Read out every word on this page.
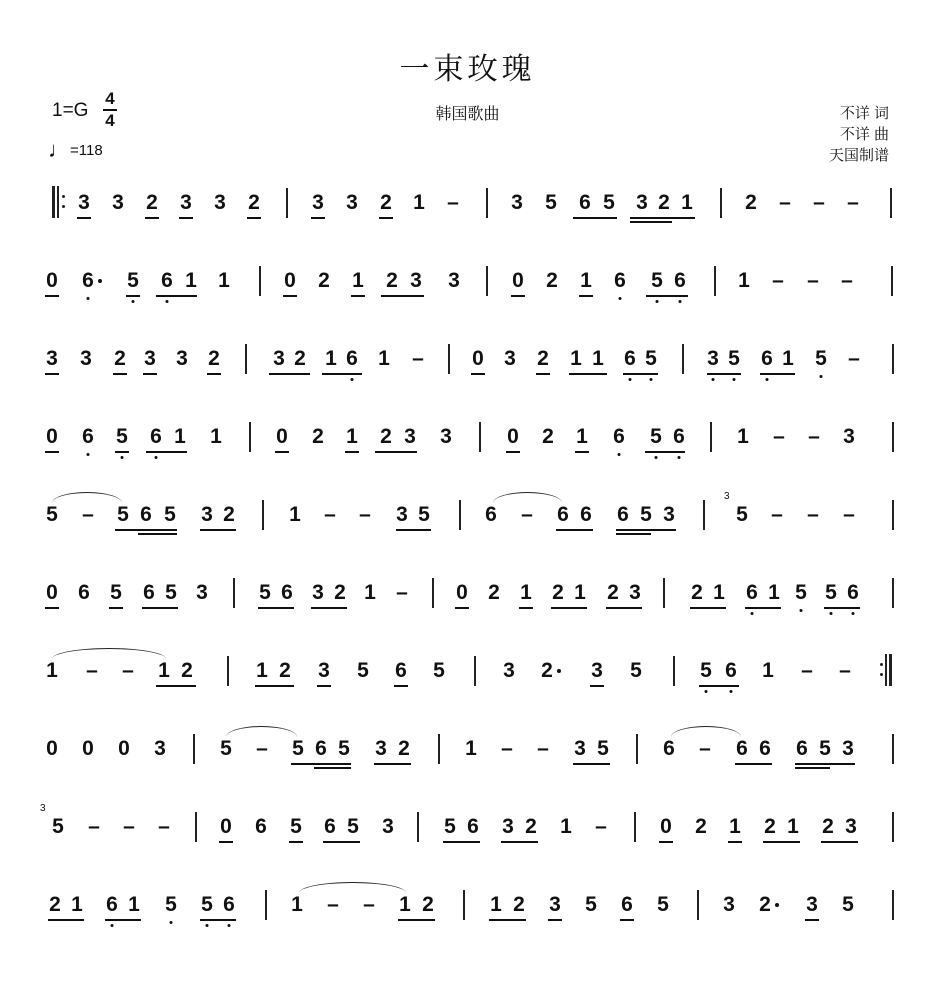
一束玫瑰
1=G
4
4
♩=118
韩国歌曲	不详 词
不详 曲
天国制谱
3 3 2 3 3 2 3 3 2 1 – 3 5 6 5 3 2 1 2 – – –
0 6 5 6 1 1	0 2 1 2 3 3 0 2 1 6 5 6 1 – – –
3 3 2 3 3 2	3 2 1 6 1 – 0 3 2 1 1 6 5 3 5 6 1 5 –
0 6 5 6 1 1	0 2 1 2 3 3	0 2 1 6 5 6 1 – – 3
5 – 5 6 5 3 2	1 – – 3 5	6 – 6 6 6 5 3	5
3
– – –
0 6 5 6 5 3 5 6 3 2 1 – 0 2 1 2 1 2 3 2 1 6 1 5 5 6
1 – – 1 2	1 2 3 5 6 5	3 2 3 5	5 6 1 – –
0 0 0 3	5 – 5 6 5 3 2	1 – – 3 5	6 – 6 6 6 5 3
5
3
– – – 0 6 5 6 5 3 5 6 3 2 1 –	0 2 1 2 1 2 3
2 1 6 1 5 5 6	1 – – 1 2	1 2 3 5 6 5	3 2 3 5
